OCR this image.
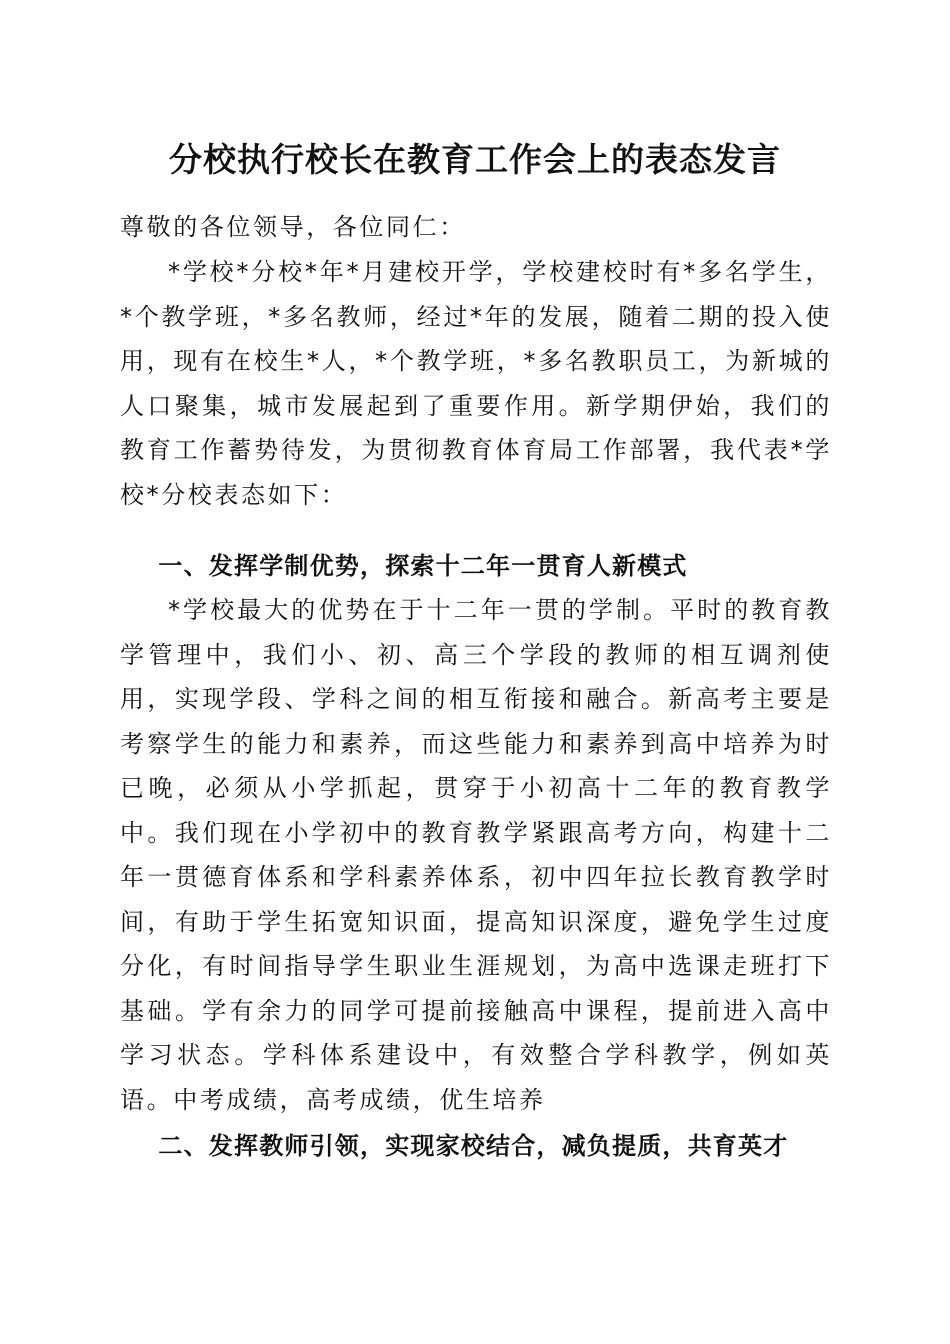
分校执行校长在教育工作会上的表态发言

尊敬的各位领导，各位同仁：

*学校*分校*年*月建校开学，学校建校时有*多名学生，*个教学班，*多名教师，经过*年的发展，随着二期的投入使用，现有在校生*人，*个教学班，*多名教职员工，为新城的人口聚集，城市发展起到了重要作用。新学期伊始，我们的教育工作蓄势待发，为贯彻教育体育局工作部署，我代表*学校*分校表态如下：

一、发挥学制优势，探索十二年一贯育人新模式

*学校最大的优势在于十二年一贯的学制。平时的教育教学管理中，我们小、初、高三个学段的教师的相互调剂使用，实现学段、学科之间的相互衔接和融合。新高考主要是考察学生的能力和素养，而这些能力和素养到高中培养为时已晚，必须从小学抓起，贯穿于小初高十二年的教育教学中。我们现在小学初中的教育教学紧跟高考方向，构建十二年一贯德育体系和学科素养体系，初中四年拉长教育教学时间，有助于学生拓宽知识面，提高知识深度，避免学生过度分化，有时间指导学生职业生涯规划，为高中选课走班打下基础。学有余力的同学可提前接触高中课程，提前进入高中学习状态。学科体系建设中，有效整合学科教学，例如英语。中考成绩，高考成绩，优生培养

二、发挥教师引领，实现家校结合，减负提质，共育英才
